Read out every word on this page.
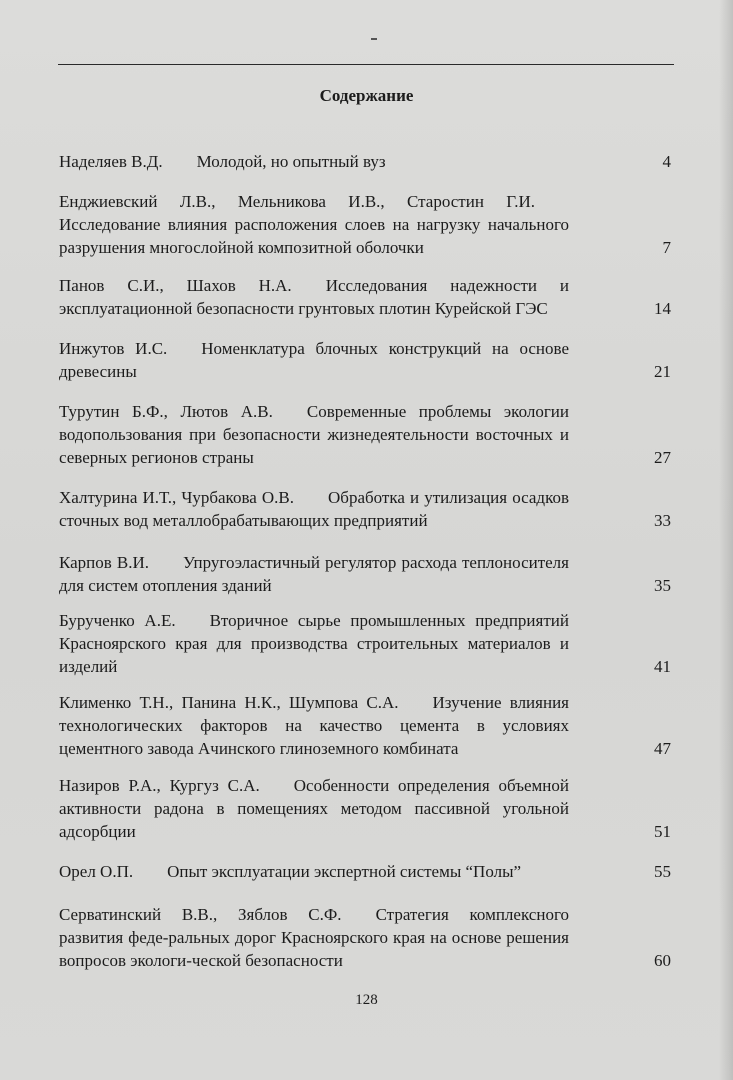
Содержание
Наделяев В.Д. Молодой, но опытный вуз	4
Енджиевский Л.В., Мельникова И.В., Старостин Г.И.Исследование влияния расположения слоев на нагрузку начального разрушения многослойной композитной оболочки	7
Панов С.И., Шахов Н.А. Исследования надежности и эксплуатационной безопасности грунтовых плотин Курейской ГЭС	14
Инжутов И.С. Номенклатура блочных конструкций на основе древесины	21
Турутин Б.Ф., Лютов А.В. Современные проблемы экологии водопользования при безопасности жизнедеятельности восточных и северных регионов страны	27
Халтурина И.Т., Чурбакова О.В. Обработка и утилизация осадков сточных вод металлобрабатывающих предприятий	33
Карпов В.И. Упругоэластичный регулятор расхода теплоносителя для систем отопления зданий	35
Буручeнко А.Е. Вторичное сырье промышленных предприятий Красноярского края для производства строительных материалов и изделий	41
Клименко Т.Н., Панина Н.К., Шумпова С.А. Изучение влияния технологических факторов на качество цемента в условиях цементного завода Ачинского глиноземного комбината	47
Назиров Р.А., Кургуз С.А. Особенности определения объемной активности радона в помещениях методом пассивной угольной адсорбции	51
Орел О.П. Опыт эксплуатации экспертной системы “Полы”	55
Серватинский В.В., Зяблов С.Ф. Стратегия комплексного развития феде-ральных дорог Красноярского края на основе решения вопросов экологи-ческой безопасности	60
128
